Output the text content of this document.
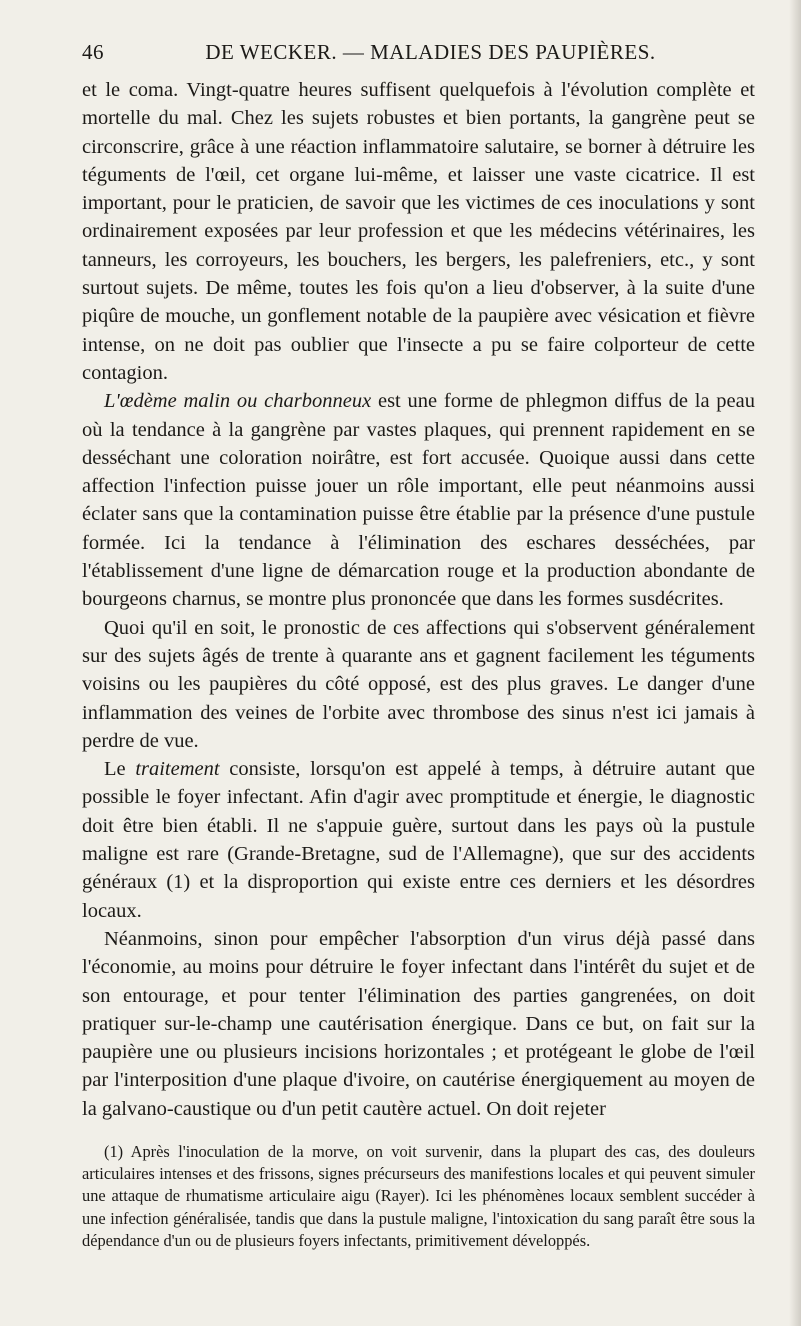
46	DE WECKER. — MALADIES DES PAUPIÈRES.

et le coma. Vingt-quatre heures suffisent quelquefois à l'évolution complète et mortelle du mal. Chez les sujets robustes et bien portants, la gangrène peut se circonscrire, grâce à une réaction inflammatoire salutaire, se borner à détruire les téguments de l'œil, cet organe lui-même, et laisser une vaste cicatrice. Il est important, pour le praticien, de savoir que les victimes de ces inoculations y sont ordinairement exposées par leur profession et que les médecins vétérinaires, les tanneurs, les corroyeurs, les bouchers, les bergers, les palefreniers, etc., y sont surtout sujets. De même, toutes les fois qu'on a lieu d'observer, à la suite d'une piqûre de mouche, un gonflement notable de la paupière avec vésication et fièvre intense, on ne doit pas oublier que l'insecte a pu se faire colporteur de cette contagion.

L'œdème malin ou charbonneux est une forme de phlegmon diffus de la peau où la tendance à la gangrène par vastes plaques, qui prennent rapidement en se desséchant une coloration noirâtre, est fort accusée. Quoique aussi dans cette affection l'infection puisse jouer un rôle important, elle peut néanmoins aussi éclater sans que la contamination puisse être établie par la présence d'une pustule formée. Ici la tendance à l'élimination des eschares desséchées, par l'établissement d'une ligne de démarcation rouge et la production abondante de bourgeons charnus, se montre plus prononcée que dans les formes susdécrites.

Quoi qu'il en soit, le pronostic de ces affections qui s'observent généralement sur des sujets âgés de trente à quarante ans et gagnent facilement les téguments voisins ou les paupières du côté opposé, est des plus graves. Le danger d'une inflammation des veines de l'orbite avec thrombose des sinus n'est ici jamais à perdre de vue.

Le traitement consiste, lorsqu'on est appelé à temps, à détruire autant que possible le foyer infectant. Afin d'agir avec promptitude et énergie, le diagnostic doit être bien établi. Il ne s'appuie guère, surtout dans les pays où la pustule maligne est rare (Grande-Bretagne, sud de l'Allemagne), que sur des accidents généraux (1) et la disproportion qui existe entre ces derniers et les désordres locaux.

Néanmoins, sinon pour empêcher l'absorption d'un virus déjà passé dans l'économie, au moins pour détruire le foyer infectant dans l'intérêt du sujet et de son entourage, et pour tenter l'élimination des parties gangrenées, on doit pratiquer sur-le-champ une cautérisation énergique. Dans ce but, on fait sur la paupière une ou plusieurs incisions horizontales ; et protégeant le globe de l'œil par l'interposition d'une plaque d'ivoire, on cautérise énergiquement au moyen de la galvano-caustique ou d'un petit cautère actuel. On doit rejeter

(1) Après l'inoculation de la morve, on voit survenir, dans la plupart des cas, des douleurs articulaires intenses et des frissons, signes précurseurs des manifestions locales et qui peuvent simuler une attaque de rhumatisme articulaire aigu (Rayer). Ici les phénomènes locaux semblent succéder à une infection généralisée, tandis que dans la pustule maligne, l'intoxication du sang paraît être sous la dépendance d'un ou de plusieurs foyers infectants, primitivement développés.
